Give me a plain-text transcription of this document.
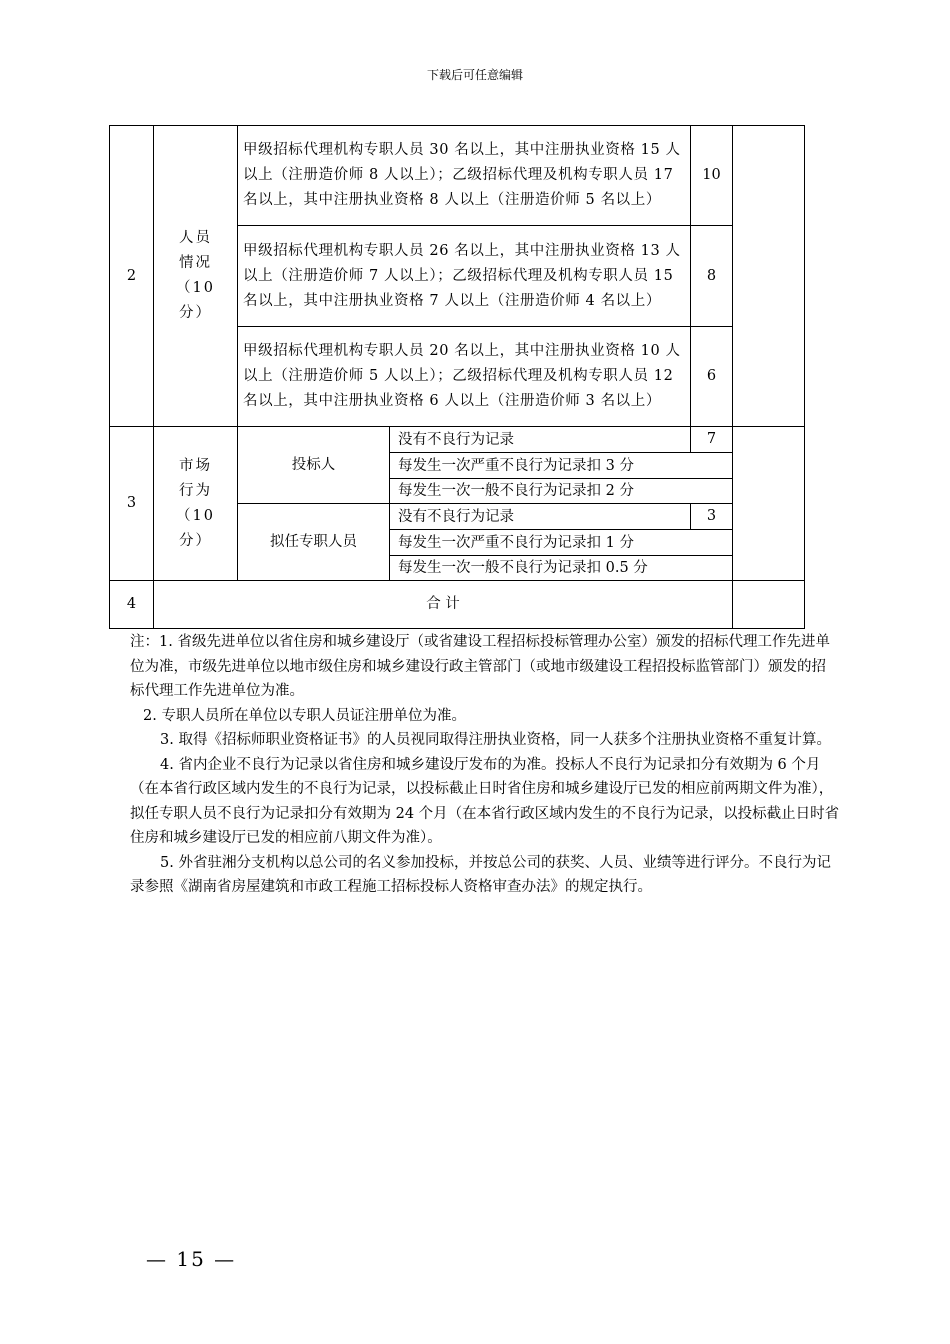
下载后可任意编辑
2	人员
情况
（10
分）	甲级招标代理机构专职人员 30 名以上，其中注册执业资格 15 人以上（注册造价师 8 人以上）；乙级招标代理及机构专职人员 17 名以上，其中注册执业资格 8 人以上（注册造价师 5 名以上）		10	
		甲级招标代理机构专职人员 26 名以上，其中注册执业资格 13 人以上（注册造价师 7 人以上）；乙级招标代理及机构专职人员 15 名以上，其中注册执业资格 7 人以上（注册造价师 4 名以上）		8	
		甲级招标代理机构专职人员 20 名以上，其中注册执业资格 10 人以上（注册造价师 5 人以上）；乙级招标代理及机构专职人员 12 名以上，其中注册执业资格 6 人以上（注册造价师 3 名以上）		6	
3	市场
行为
（10
分）	投标人	没有不良行为记录	7	
			每发生一次严重不良行为记录扣 3 分		
			每发生一次一般不良行为记录扣 2 分		
		拟任专职人员	没有不良行为记录	3	
			每发生一次严重不良行为记录扣 1 分		
			每发生一次一般不良行为记录扣 0.5 分		
4	合 计				

注：1. 省级先进单位以省住房和城乡建设厅（或省建设工程招标投标管理办公室）颁发的招标代理工作先进单位为准，市级先进单位以地市级住房和城乡建设行政主管部门（或地市级建设工程招投标监管部门）颁发的招标代理工作先进单位为准。

2. 专职人员所在单位以专职人员证注册单位为准。

3. 取得《招标师职业资格证书》的人员视同取得注册执业资格，同一人获多个注册执业资格不重复计算。

4. 省内企业不良行为记录以省住房和城乡建设厅发布的为准。投标人不良行为记录扣分有效期为 6 个月（在本省行政区域内发生的不良行为记录，以投标截止日时省住房和城乡建设厅已发的相应前两期文件为准），拟任专职人员不良行为记录扣分有效期为 24 个月（在本省行政区域内发生的不良行为记录，以投标截止日时省住房和城乡建设厅已发的相应前八期文件为准）。

5. 外省驻湘分支机构以总公司的名义参加投标，并按总公司的获奖、人员、业绩等进行评分。不良行为记录参照《湖南省房屋建筑和市政工程施工招标投标人资格审查办法》的规定执行。

— 15 —
